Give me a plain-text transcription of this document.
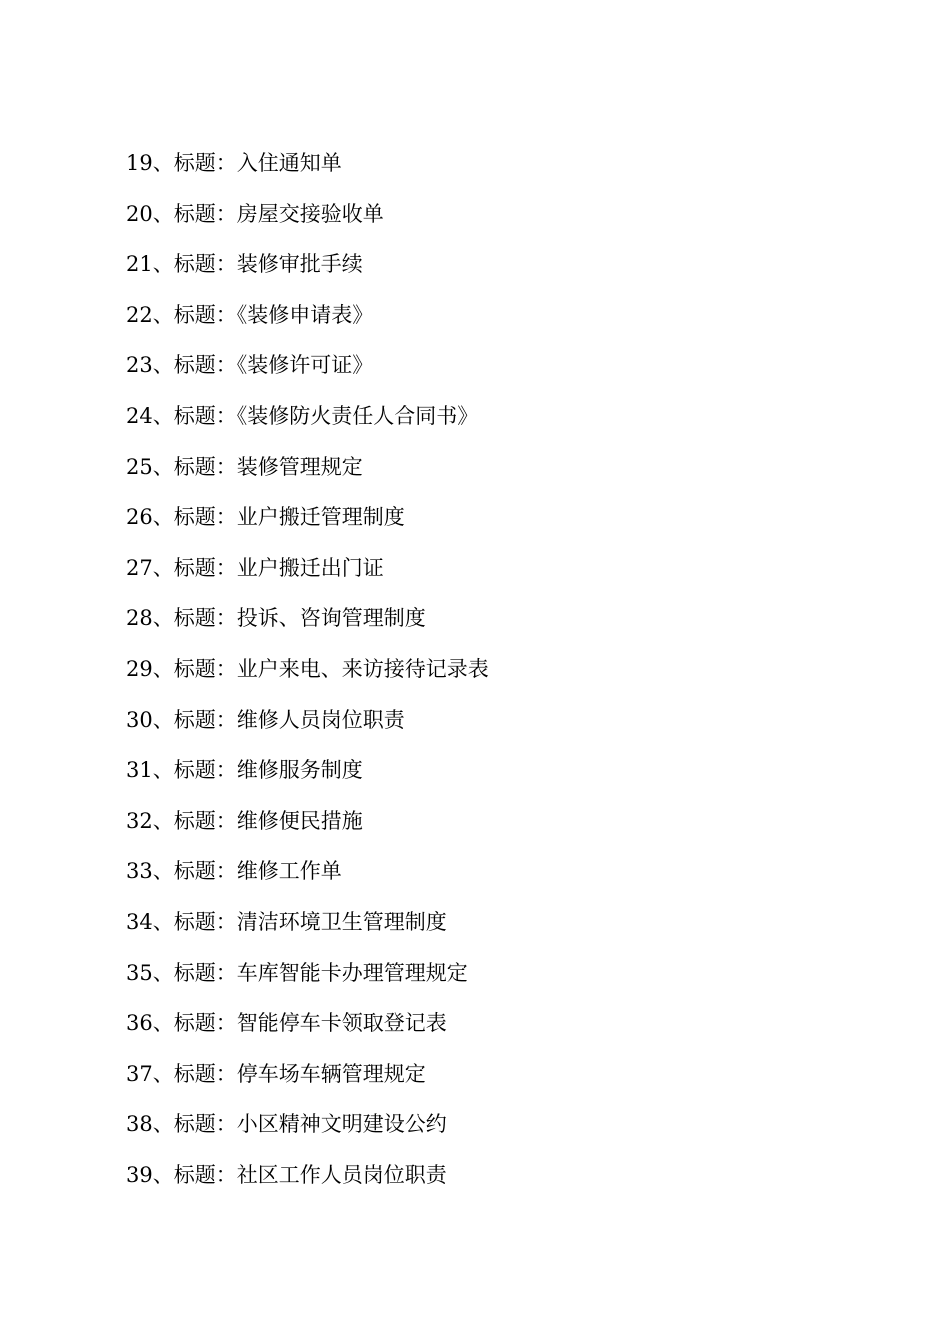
19、标题：入住通知单
20、标题：房屋交接验收单
21、标题：装修审批手续
22、标题：《装修申请表》
23、标题：《装修许可证》
24、标题：《装修防火责任人合同书》
25、标题：装修管理规定
26、标题：业户搬迁管理制度
27、标题：业户搬迁出门证
28、标题：投诉、咨询管理制度
29、标题：业户来电、来访接待记录表
30、标题：维修人员岗位职责
31、标题：维修服务制度
32、标题：维修便民措施
33、标题：维修工作单
34、标题：清洁环境卫生管理制度
35、标题：车库智能卡办理管理规定
36、标题：智能停车卡领取登记表
37、标题：停车场车辆管理规定
38、标题：小区精神文明建设公约
39、标题：社区工作人员岗位职责
